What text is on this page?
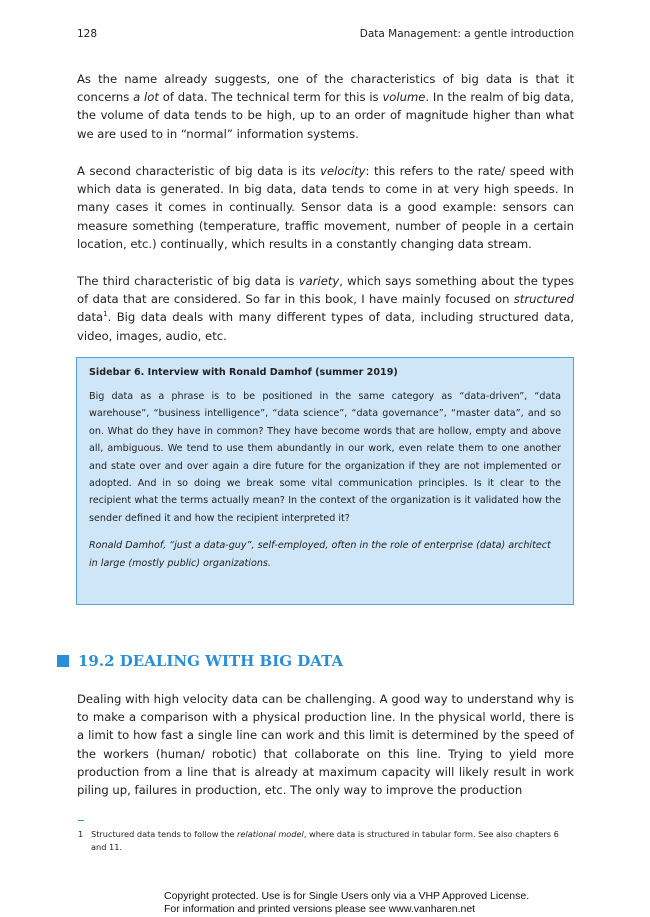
128	Data Management: a gentle introduction

As the name already suggests, one of the characteristics of big data is that it concerns a lot of data. The technical term for this is volume. In the realm of big data, the volume of data tends to be high, up to an order of magnitude higher than what we are used to in “normal” information systems.

A second characteristic of big data is its velocity: this refers to the rate/ speed with which data is generated. In big data, data tends to come in at very high speeds. In many cases it comes in continually. Sensor data is a good example: sensors can measure something (temperature, traffic movement, number of people in a certain location, etc.) continually, which results in a constantly changing data stream.

The third characteristic of big data is variety, which says something about the types of data that are considered. So far in this book, I have mainly focused on structured data$^1$. Big data deals with many different types of data, including structured data, video, images, audio, etc.

Sidebar 6. Interview with Ronald Damhof (summer 2019)

Big data as a phrase is to be positioned in the same category as “data-driven”, “data warehouse”, “business intelligence”, “data science”, “data governance”, “master data”, and so on. What do they have in common? They have become words that are hollow, empty and above all, ambiguous. We tend to use them abundantly in our work, even relate them to one another and state over and over again a dire future for the organization if they are not implemented or adopted. And in so doing we break some vital communication principles. Is it clear to the recipient what the terms actually mean? In the context of the organization is it validated how the sender defined it and how the recipient interpreted it?

Ronald Damhof, “just a data-guy”, self-employed, often in the role of enterprise (data) architect in large (mostly public) organizations.

19.2 DEALING WITH BIG DATA

Dealing with high velocity data can be challenging. A good way to understand why is to make a comparison with a physical production line. In the physical world, there is a limit to how fast a single line can work and this limit is determined by the speed of the workers (human/ robotic) that collaborate on this line. Trying to yield more production from a line that is already at maximum capacity will likely result in work piling up, failures in production, etc. The only way to improve the production

1 Structured data tends to follow the relational model, where data is structured in tabular form. See also chapters 6 and 11.
Copyright protected. Use is for Single Users only via a VHP Approved License.
For information and printed versions please see www.vanharen.net
